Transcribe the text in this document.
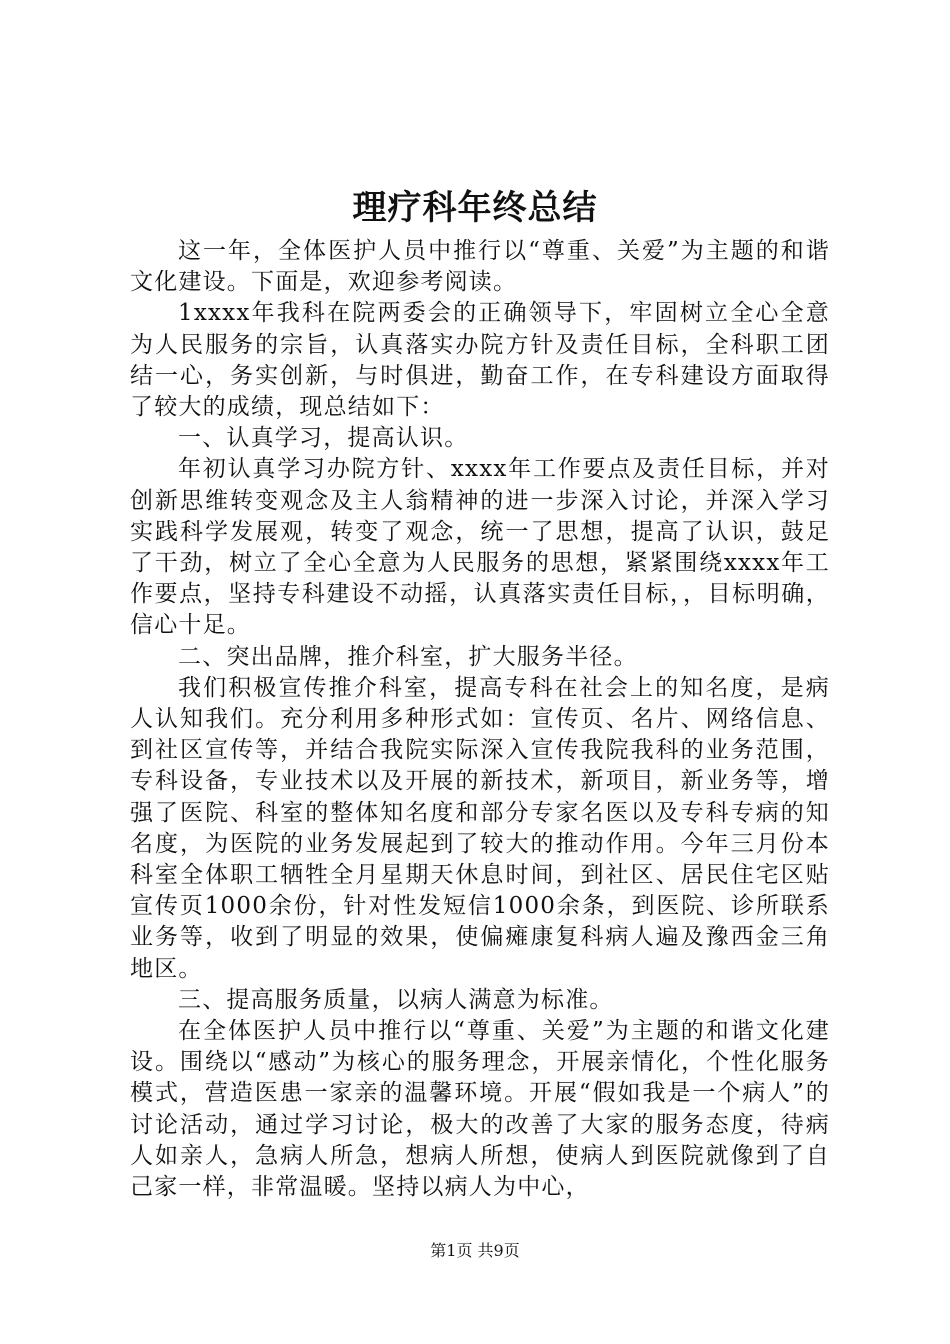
理疗科年终总结

这一年，全体医护人员中推行以“尊重、关爱”为主题的和谐文化建设。下面是，欢迎参考阅读。

1xxxx年我科在院两委会的正确领导下，牢固树立全心全意为人民服务的宗旨，认真落实办院方针及责任目标，全科职工团结一心，务实创新，与时俱进，勤奋工作，在专科建设方面取得了较大的成绩，现总结如下：

一、认真学习，提高认识。

年初认真学习办院方针、xxxx年工作要点及责任目标，并对创新思维转变观念及主人翁精神的进一步深入讨论，并深入学习实践科学发展观，转变了观念，统一了思想，提高了认识，鼓足了干劲，树立了全心全意为人民服务的思想，紧紧围绕xxxx年工作要点，坚持专科建设不动摇，认真落实责任目标，，目标明确，信心十足。

二、突出品牌，推介科室，扩大服务半径。

我们积极宣传推介科室，提高专科在社会上的知名度，是病人认知我们。充分利用多种形式如：宣传页、名片、网络信息、到社区宣传等，并结合我院实际深入宣传我院我科的业务范围，专科设备，专业技术以及开展的新技术，新项目，新业务等，增强了医院、科室的整体知名度和部分专家名医以及专科专病的知名度，为医院的业务发展起到了较大的推动作用。今年三月份本科室全体职工牺牲全月星期天休息时间，到社区、居民住宅区贴宣传页1000余份，针对性发短信1000余条，到医院、诊所联系业务等，收到了明显的效果，使偏瘫康复科病人遍及豫西金三角地区。

三、提高服务质量，以病人满意为标准。

在全体医护人员中推行以“尊重、关爱”为主题的和谐文化建设。围绕以“感动”为核心的服务理念，开展亲情化，个性化服务模式，营造医患一家亲的温馨环境。开展“假如我是一个病人”的讨论活动，通过学习讨论，极大的改善了大家的服务态度，待病人如亲人，急病人所急，想病人所想，使病人到医院就像到了自己家一样，非常温暖。坚持以病人为中心，

第1页 共9页
